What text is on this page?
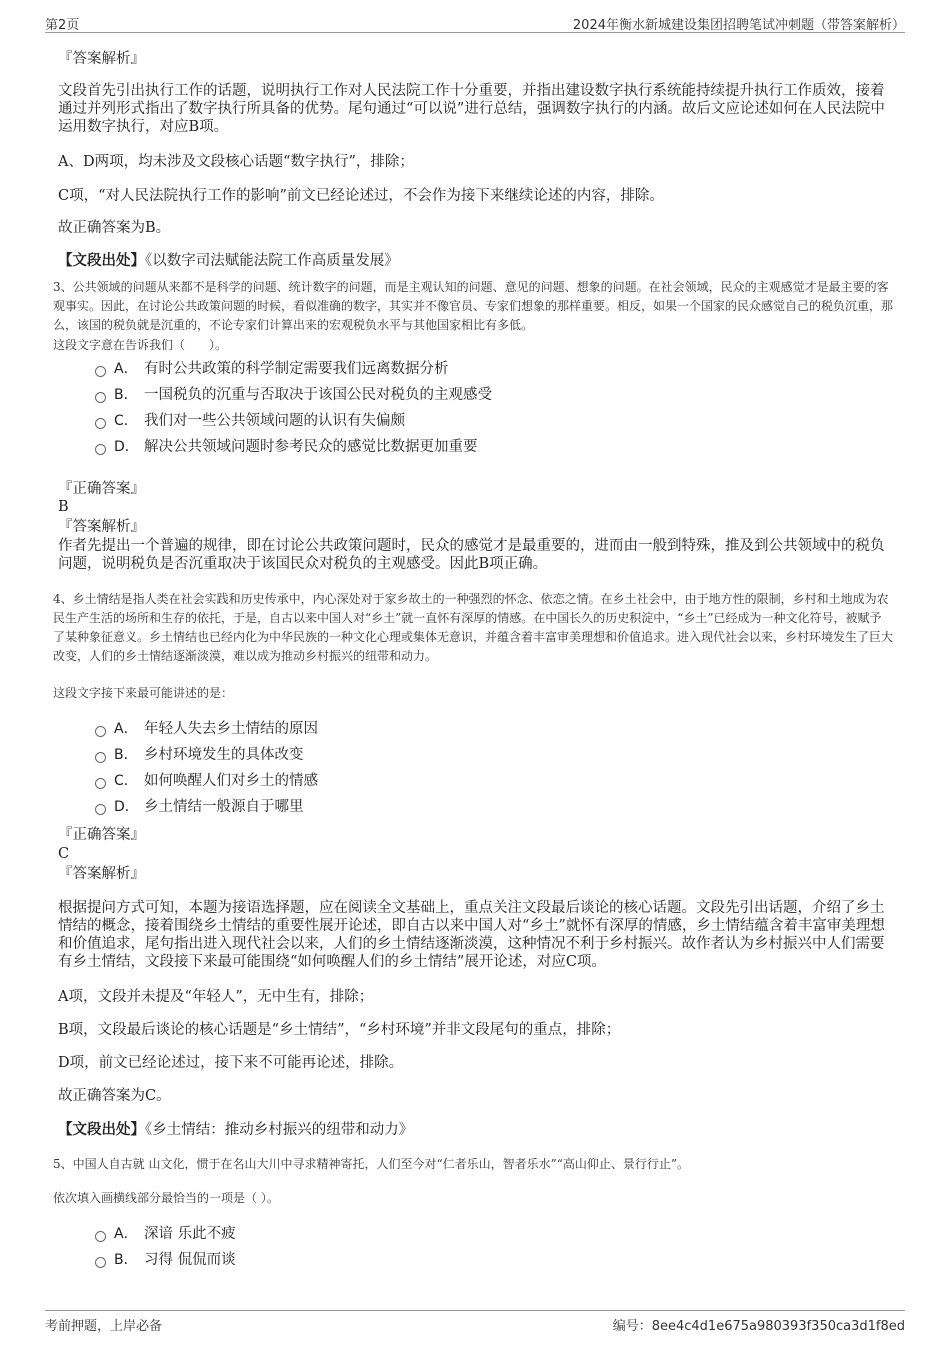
第2页	2024年衡水新城建设集团招聘笔试冲刺题（带答案解析）
『答案解析』
文段首先引出执行工作的话题，说明执行工作对人民法院工作十分重要，并指出建设数字执行系统能持续提升执行工作质效，接着通过并列形式指出了数字执行所具备的优势。尾句通过“可以说”进行总结，强调数字执行的内涵。故后文应论述如何在人民法院中运用数字执行，对应B项。
A、D两项，均未涉及文段核心话题“数字执行”，排除；
C项，“对人民法院执行工作的影响”前文已经论述过，不会作为接下来继续论述的内容，排除。
故正确答案为B。
【文段出处】《以数字司法赋能法院工作高质量发展》
3、公共领域的问题从来都不是科学的问题、统计数字的问题，而是主观认知的问题、意见的问题、想象的问题。在社会领域，民众的主观感觉才是最主要的客观事实。因此，在讨论公共政策问题的时候，看似准确的数字，其实并不像官员、专家们想象的那样重要。相反，如果一个国家的民众感觉自己的税负沉重，那么，该国的税负就是沉重的，不论专家们计算出来的宏观税负水平与其他国家相比有多低。
这段文字意在告诉我们（　　）。
A． 有时公共政策的科学制定需要我们远离数据分析
B． 一国税负的沉重与否取决于该国公民对税负的主观感受
C． 我们对一些公共领域问题的认识有失偏颇
D． 解决公共领域问题时参考民众的感觉比数据更加重要
『正确答案』
B
『答案解析』
作者先提出一个普遍的规律，即在讨论公共政策问题时，民众的感觉才是最重要的，进而由一般到特殊，推及到公共领域中的税负问题，说明税负是否沉重取决于该国民众对税负的主观感受。因此B项正确。
4、乡土情结是指人类在社会实践和历史传承中，内心深处对于家乡故土的一种强烈的怀念、依恋之情。在乡土社会中，由于地方性的限制，乡村和土地成为农民生产生活的场所和生存的依托，于是，自古以来中国人对“乡土”就一直怀有深厚的情感。在中国长久的历史积淀中，“乡土”已经成为一种文化符号，被赋予了某种象征意义。乡土情结也已经内化为中华民族的一种文化心理或集体无意识，并蕴含着丰富审美理想和价值追求。进入现代社会以来，乡村环境发生了巨大改变，人们的乡土情结逐渐淡漠，难以成为推动乡村振兴的纽带和动力。
这段文字接下来最可能讲述的是：
A． 年轻人失去乡土情结的原因
B． 乡村环境发生的具体改变
C． 如何唤醒人们对乡土的情感
D． 乡土情结一般源自于哪里
『正确答案』
C
『答案解析』
根据提问方式可知，本题为接语选择题，应在阅读全文基础上，重点关注文段最后谈论的核心话题。文段先引出话题，介绍了乡土情结的概念，接着围绕乡土情结的重要性展开论述，即自古以来中国人对“乡土”就怀有深厚的情感，乡土情结蕴含着丰富审美理想和价值追求，尾句指出进入现代社会以来，人们的乡土情结逐渐淡漠，这种情况不利于乡村振兴。故作者认为乡村振兴中人们需要有乡土情结，文段接下来最可能围绕“如何唤醒人们的乡土情结”展开论述，对应C项。
A项，文段并未提及“年轻人”，无中生有，排除；
B项，文段最后谈论的核心话题是“乡土情结”，“乡村环境”并非文段尾句的重点，排除；
D项，前文已经论述过，接下来不可能再论述，排除。
故正确答案为C。
【文段出处】《乡土情结：推动乡村振兴的纽带和动力》
5、中国人自古就 山文化，惯于在名山大川中寻求精神寄托，人们至今对“仁者乐山，智者乐水”“高山仰止、景行行止”。
依次填入画横线部分最恰当的一项是（ ）。
A． 深谙 乐此不疲
B． 习得 侃侃而谈
考前押题，上岸必备	编号：8ee4c4d1e675a980393f350ca3d1f8ed
